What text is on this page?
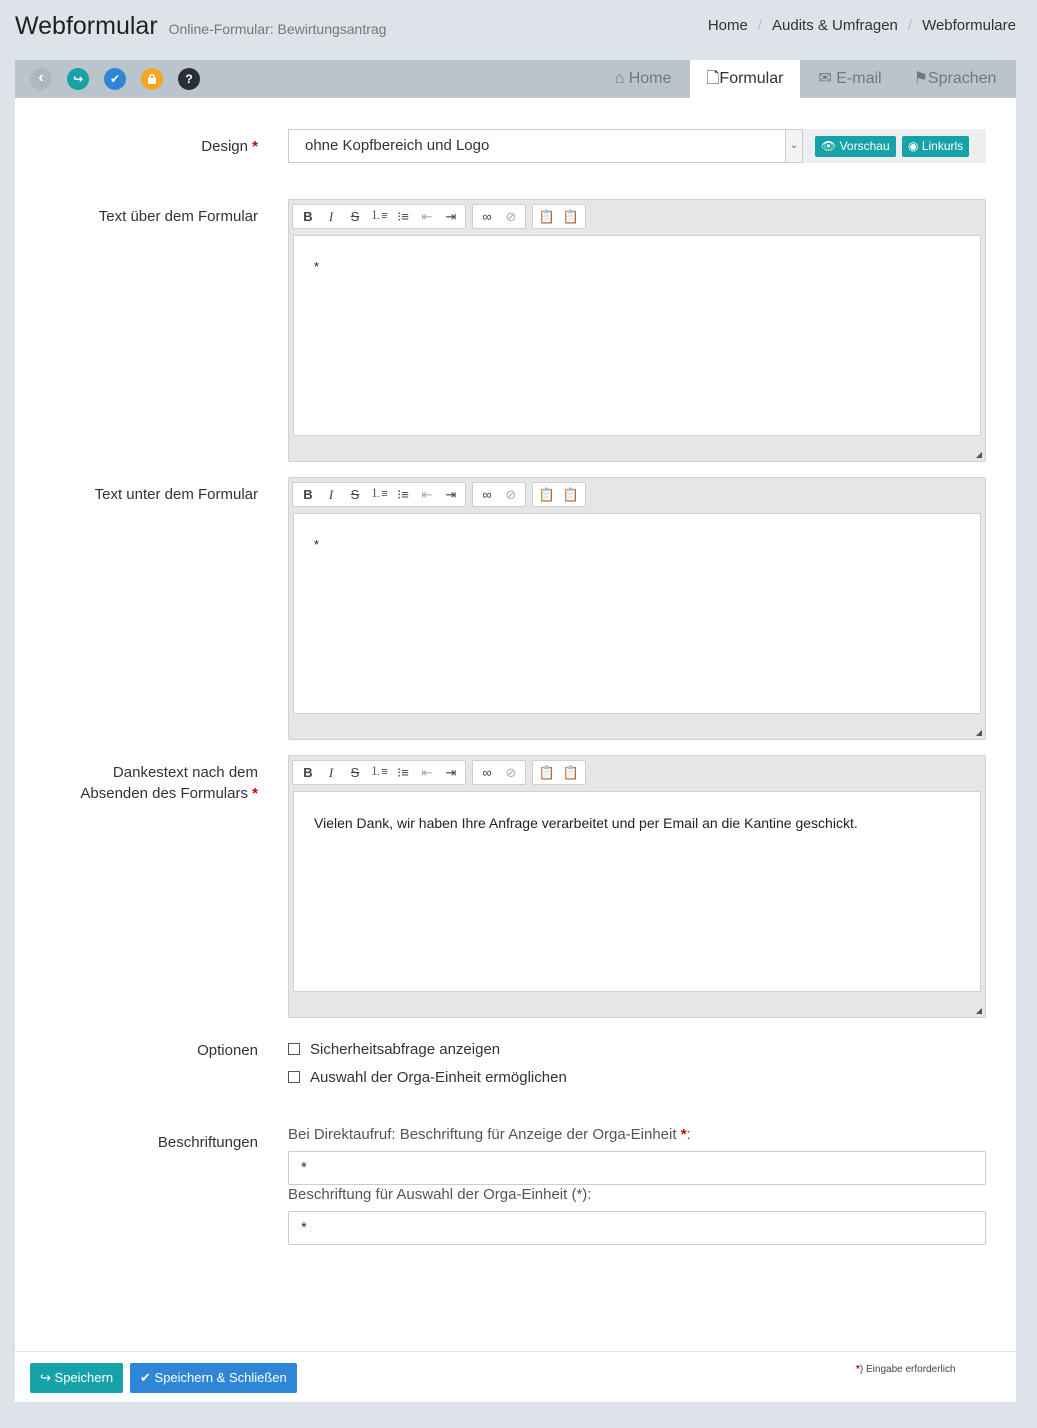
Webformular Online-Formular: Bewirtungsantrag	Home / Audits & Umfragen / Webformulare
‹	↪	✔	?	⌂ Home	🗋Formular	✉ E-mail	⚑Sprachen
Design *	ohne Kopfbereich und Logo	⌄	👁 Vorschau	◉ Linkurls
Text über dem Formular	B	I	S ⒈≡ ⁝≡ ⇤	⇥	∞	⊘	📋 📋
*
◢
Text unter dem Formular	B	I	S ⒈≡ ⁝≡ ⇤	⇥	∞	⊘	📋 📋
*
◢
Dankestext nach dem
Absenden des Formulars *
B	I	S ⒈≡ ⁝≡ ⇤	⇥	∞	⊘	📋 📋
Vielen Dank, wir haben Ihre Anfrage verarbeitet und per Email an die Kantine geschickt.
◢
Optionen	Sicherheitsabfrage anzeigen
Auswahl der Orga-Einheit ermöglichen
Beschriftungen Bei Direktaufruf: Beschriftung für Anzeige der Orga-Einheit *:
*
Beschriftung für Auswahl der Orga-Einheit (*):
*
↪ Speichern	✔ Speichern & Schließen
*) Eingabe erforderlich
